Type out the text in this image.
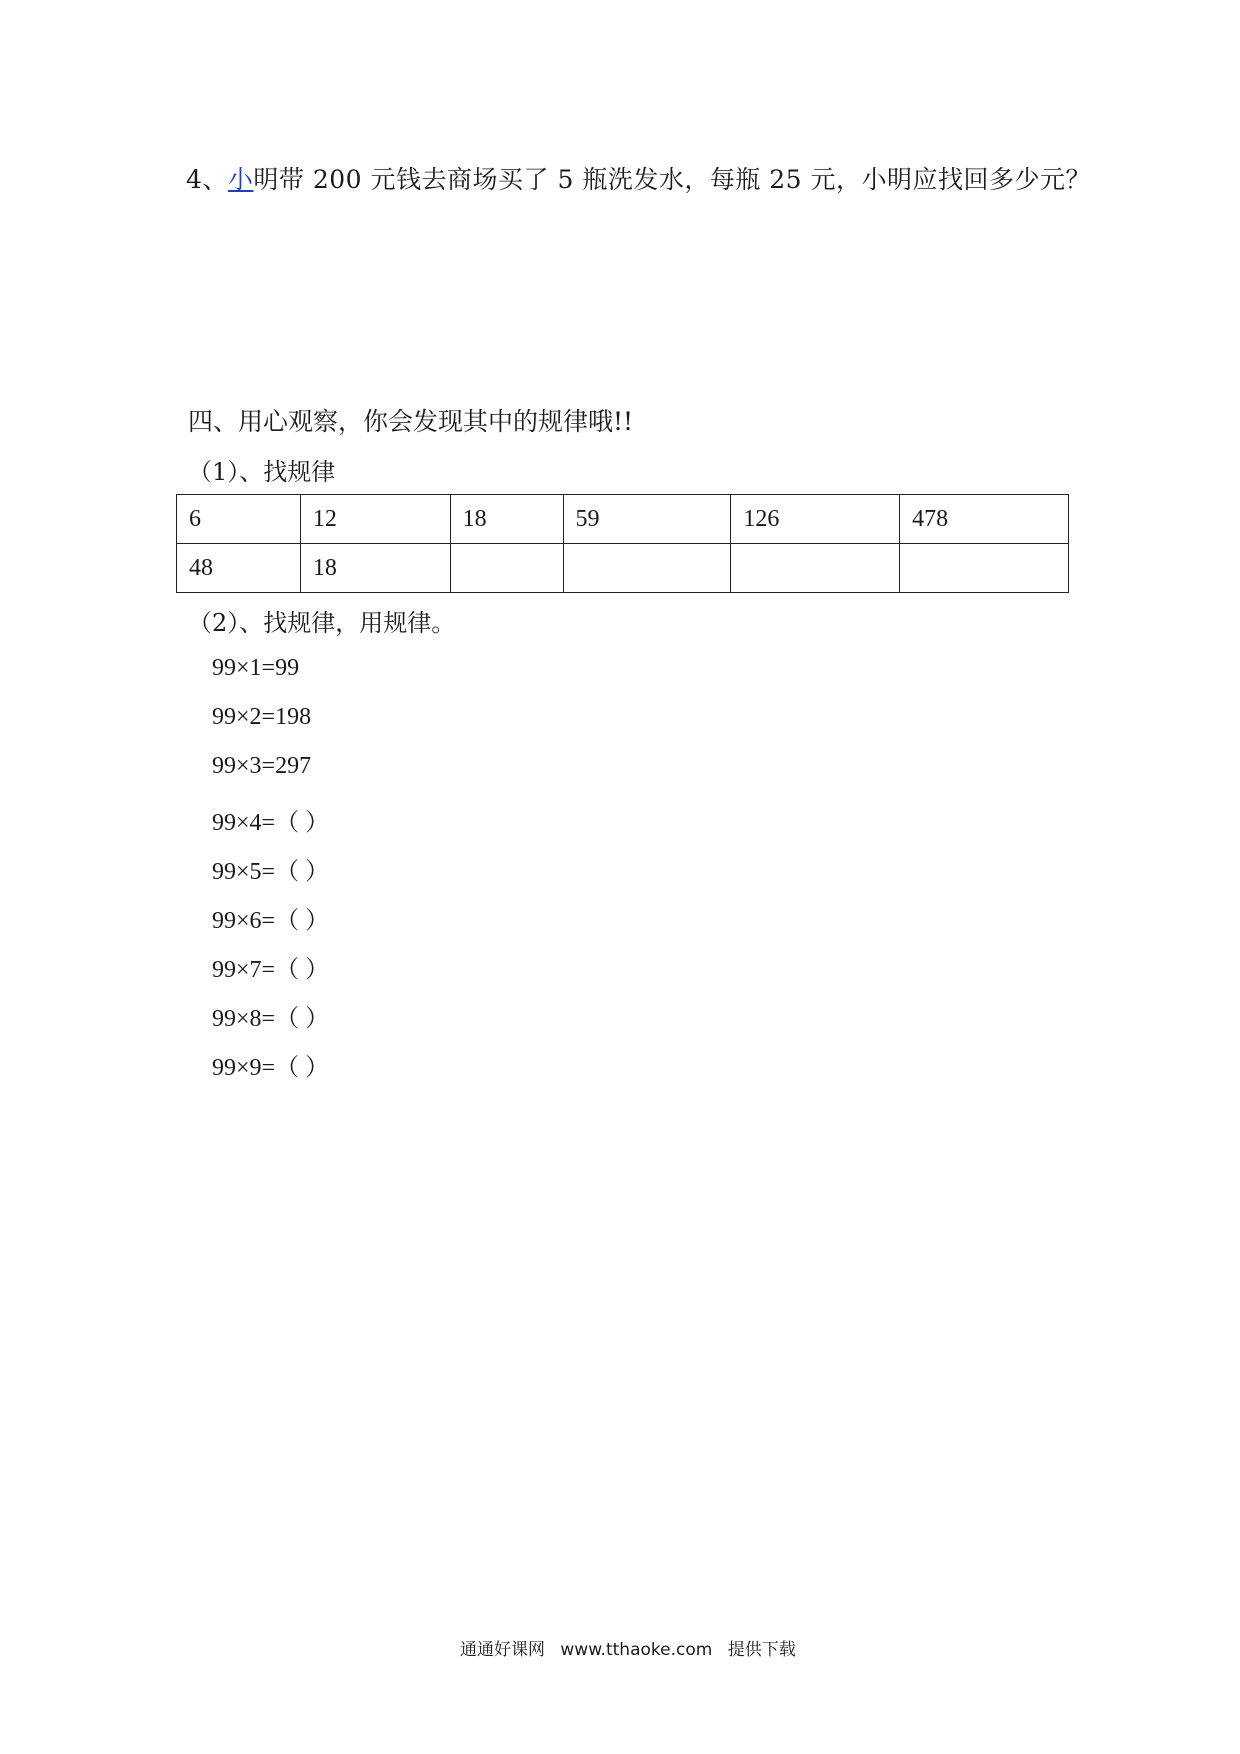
4、小明带 200 元钱去商场买了 5 瓶洗发水，每瓶 25 元，小明应找回多少元？
四、用心观察，你会发现其中的规律哦!!
（1）、找规律
6	12	18	59	126	478
48	18				
（2）、找规律，用规律。
99×1=99
99×2=198
99×3=297
99×4=（ ）
99×5=（ ）
99×6=（ ）
99×7=（ ）
99×8=（ ）
99×9=（ ）
通通好课网 www.tthaoke.com 提供下载
